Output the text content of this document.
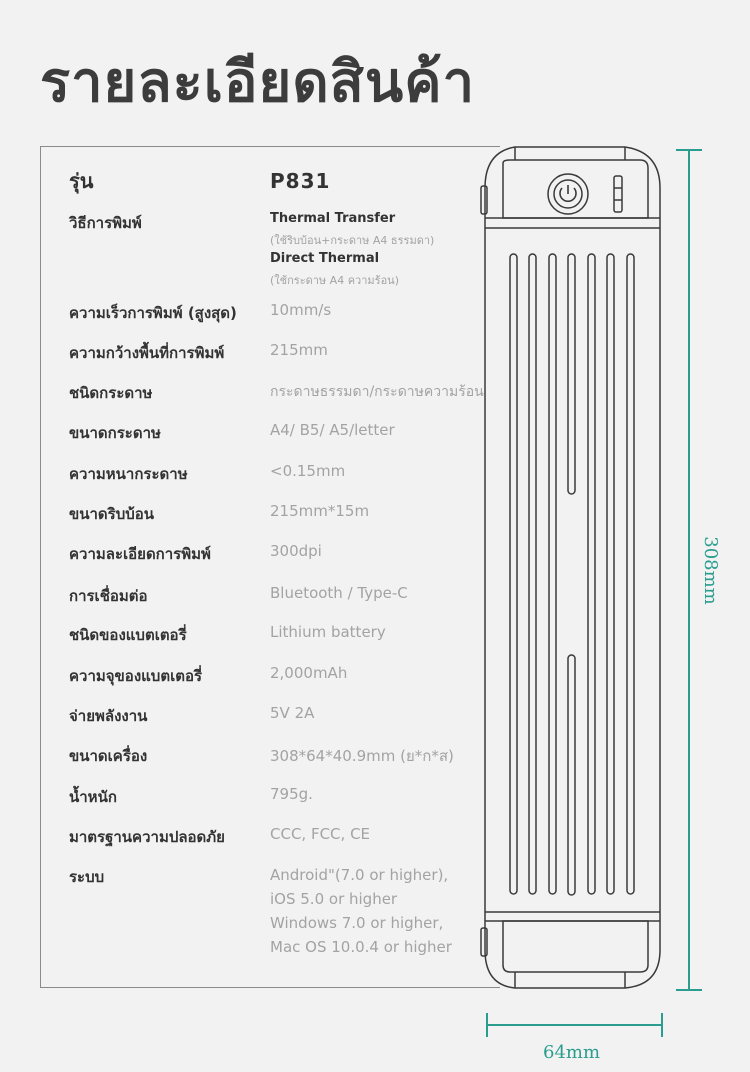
รายละเอียดสินค้า
รุ่น	P831
วิธีการพิมพ์	Thermal Transfer
(ใช้ริบบ้อน+กระดาษ A4 ธรรมดา)
Direct Thermal
(ใช้กระดาษ A4 ความร้อน)
ความเร็วการพิมพ์ (สูงสุด) 10mm/s
ความกว้างพื้นที่การพิมพ์	215mm
ชนิดกระดาษ	กระดาษธรรมดา/กระดาษความร้อน
ขนาดกระดาษ	A4/ B5/ A5/letter
ความหนากระดาษ	<0.15mm
ขนาดริบบ้อน	215mm*15m
ความละเอียดการพิมพ์	300dpi
การเชื่อมต่อ	Bluetooth / Type-C
ชนิดของแบตเตอรี่	Lithium battery
ความจุของแบตเตอรี่	2,000mAh
จ่ายพลังงาน	5V 2A
ขนาดเครื่อง	308*64*40.9mm (ย*ก*ส)
น้ำหนัก	795g.
มาตรฐานความปลอดภัย	CCC, FCC, CE
ระบบ	Android"(7.0 or higher),
iOS 5.0 or higher
Windows 7.0 or higher,
Mac OS 10.0.4 or higher
308mm
64mm
